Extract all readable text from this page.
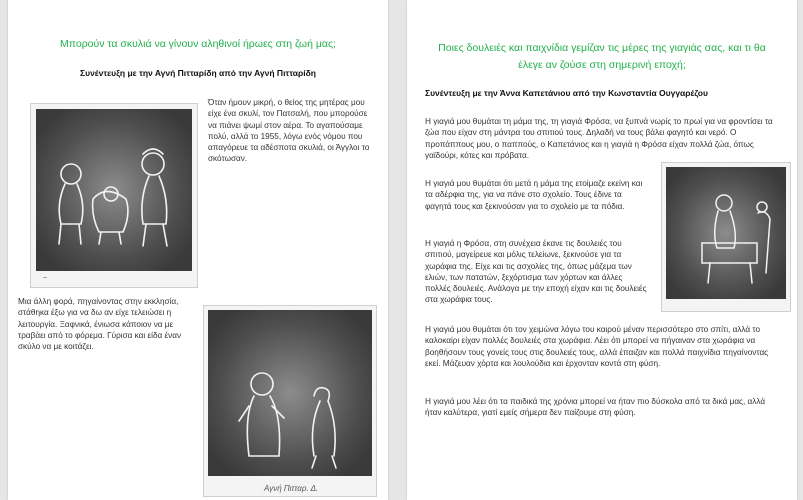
Μπορούν τα σκυλιά να γίνουν αληθινοί ήρωες στη ζωή μας;
Συνέντευξη με την Αγνή Πιτταρίδη από την Αγνή Πιτταρίδη
~

Όταν ήμουν μικρή, ο θείος της μητέρας μου είχε ένα σκυλί, τον Πατσαλή, που μπορούσε να πιάνει ψωμί στον αέρα. Το αγαπούσαμε πολύ, αλλά το 1955, λόγω ενός νόμου που απαγόρευε τα αδέσποτα σκυλιά, οι Άγγλοι το σκότωσαν.

Μια άλλη φορά, πηγαίνοντας στην εκκλησία, στάθηκα έξω για να δω αν είχε τελειώσει η λειτουργία. Ξαφνικά, ένιωσα κάποιον να με τραβάει από το φόρεμα. Γύρισα και είδα έναν σκύλο να με κοιτάζει.

Αγνή Πιτταρ. Δ.
Ποιες δουλειές και παιχνίδια γεμίζαν τις μέρες της γιαγιάς σας, και τι θα έλεγε αν ζούσε στη σημερινή εποχή;
Συνέντευξη με την Άννα Καπετάνιου από την Κωνσταντία Ουγγαρέζου

Η γιαγιά μου θυμάται τη μάμα της, τη γιαγιά Φρόσα, να ξυπνά νωρίς το πρωί για να φροντίσει τα ζώα που είχαν στη μάντρα του σπιτιού τους. Δηλαδή να τους βάλει φαγητό και νερό. Ο προπάππους μου, ο παππούς, ο Καπετάνιος και η γιαγιά η Φρόσα είχαν πολλά ζώα, όπως γαϊδούρι, κότες και πρόβατα.

Η γιαγιά μου θυμάται ότι μετά η μάμα της ετοίμαζε εκείνη και τα αδέρφια της, για να πάνε στο σχολείο. Τους έδινε τα φαγητά τους και ξεκινούσαν για το σχολείο με τα πόδια.

Η γιαγιά η Φρόσα, στη συνέχεια έκανε τις δουλειές του σπιτιού, μαγείρευε και μόλις τελείωνε, ξεκινούσε για τα χωράφια της. Είχε και τις ασχολίες της, όπως μάζεμα των ελιών, των πατατών, ξεχόρτισμα των χόρτων και άλλες πολλές δουλειές. Ανάλογα με την εποχή είχαν και τις δουλειές στα χωράφια τους.

Η γιαγιά μου θυμάται ότι τον χειμώνα λόγω του καιρού μέναν περισσότερο στο σπίτι, αλλά το καλοκαίρι είχαν πολλές δουλειές στα χωράφια. Λέει ότι μπορεί να πήγαιναν στα χωράφια να βοηθήσουν τους γονείς τους στις δουλειές τους, αλλά έπαιζαν και πολλά παιχνίδια πηγαίνοντας εκεί. Μάζευαν χόρτα και λουλούδια και έρχονταν κοντά στη φύση.

Η γιαγιά μου λέει ότι τα παιδικά της χρόνια μπορεί να ήταν πιο δύσκολα από τα δικά μας, αλλά ήταν καλύτερα, γιατί εμείς σήμερα δεν παίζουμε στη φύση.
